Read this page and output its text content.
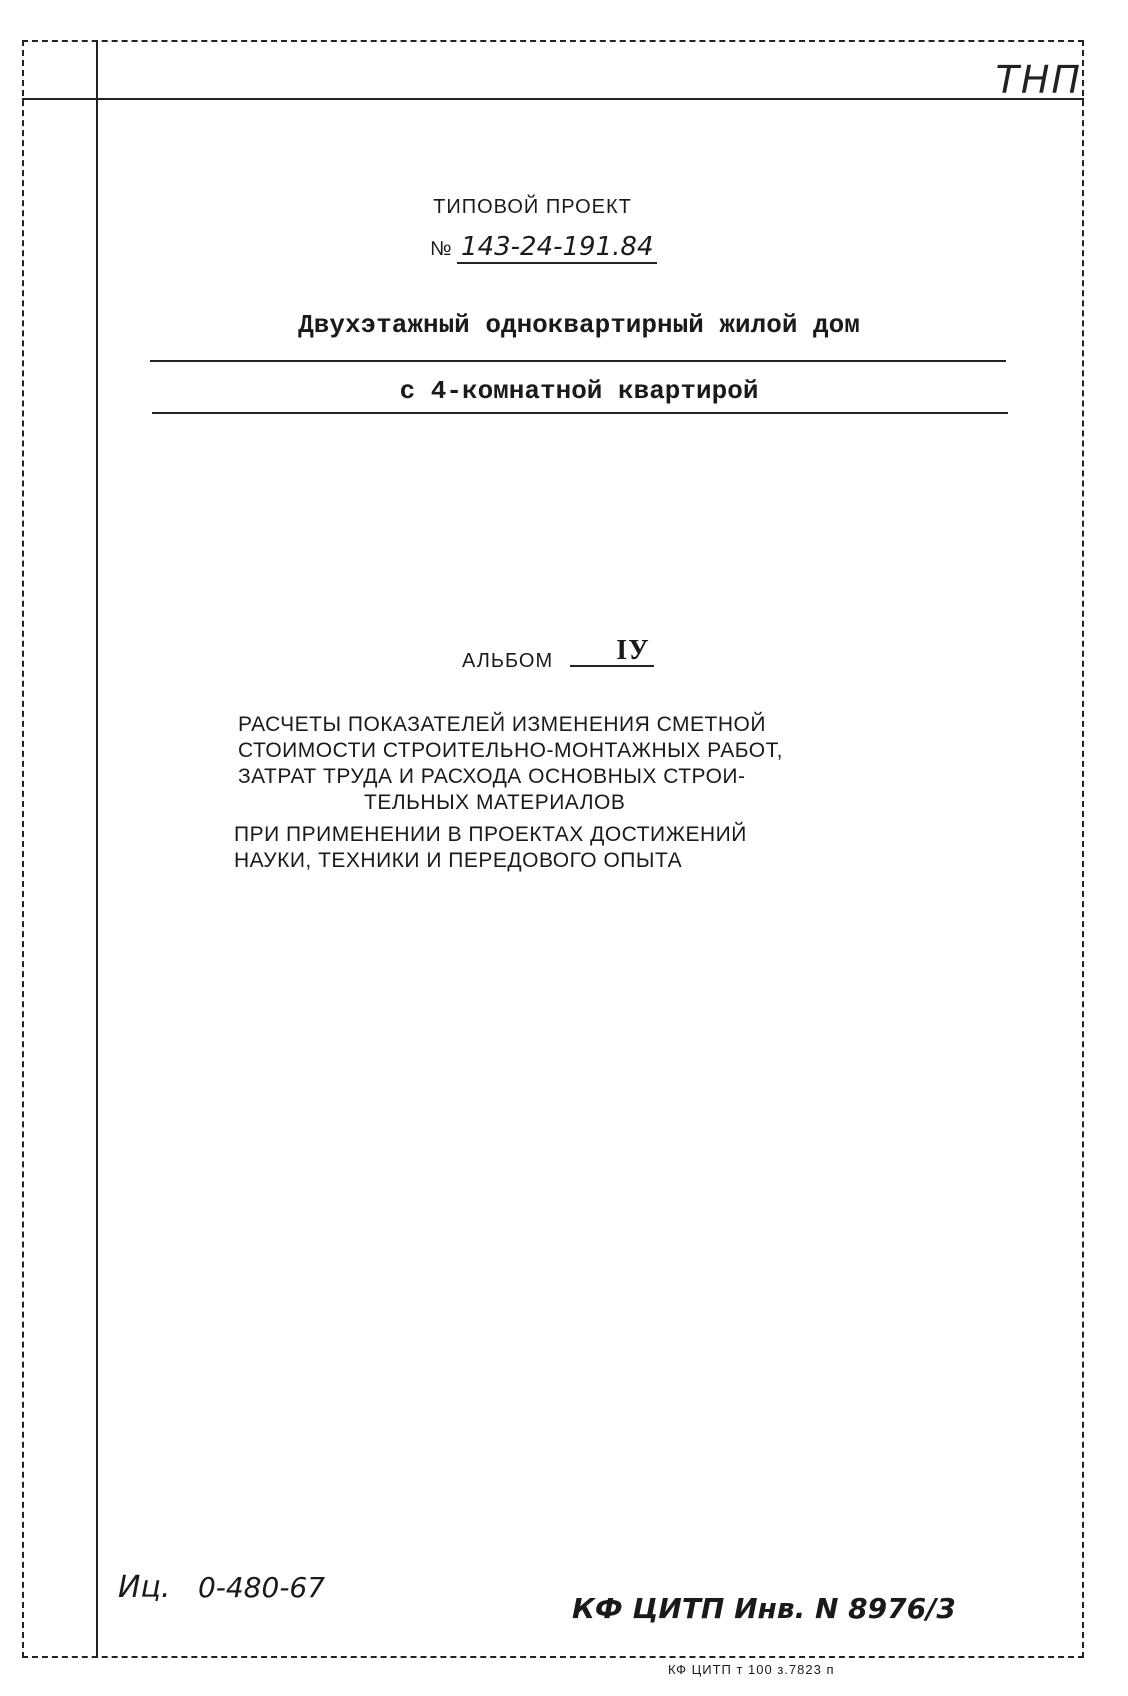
ТНП
ТИПОВОЙ ПРОЕКТ
№ 143-24-191.84
Двухэтажный одноквартирный жилой дом
с 4-комнатной квартирой
АЛЬБОМ IУ
РАСЧЕТЫ ПОКАЗАТЕЛЕЙ ИЗМЕНЕНИЯ СМЕТНОЙ
СТОИМОСТИ СТРОИТЕЛЬНО-МОНТАЖНЫХ РАБОТ,
ЗАТРАТ ТРУДА И РАСХОДА ОСНОВНЫХ СТРОИ-
ТЕЛЬНЫХ МАТЕРИАЛОВ
ПРИ ПРИМЕНЕНИИ В ПРОЕКТАХ ДОСТИЖЕНИЙ
НАУКИ, ТЕХНИКИ И ПЕРЕДОВОГО ОПЫТА
Иц. 0-480-67
КФ ЦИТП Инв. N 8976/3
КФ ЦИТП т 100 з.7823 п
